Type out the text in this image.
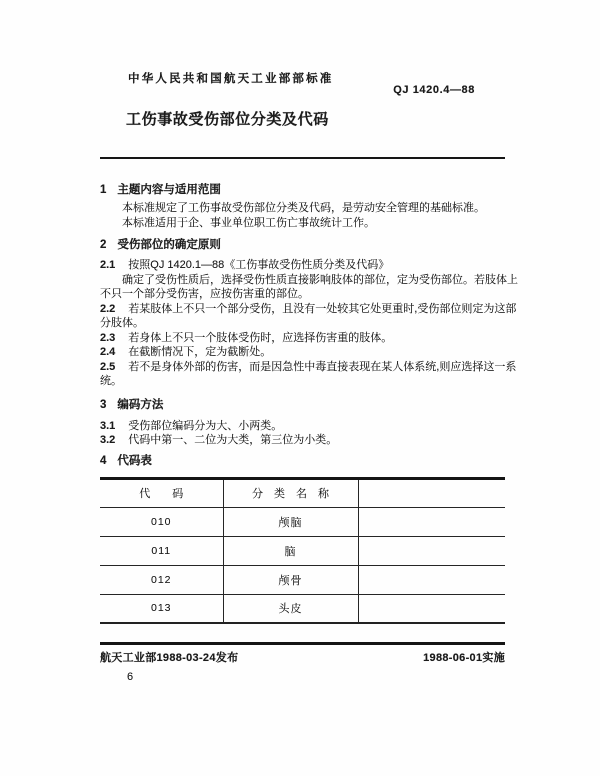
中华人民共和国航天工业部部标准
QJ 1420.4—88
工伤事故受伤部位分类及代码
1 主题内容与适用范围
本标准规定了工伤事故受伤部位分类及代码，是劳动安全管理的基础标准。
本标准适用于企、事业单位职工伤亡事故统计工作。
2 受伤部位的确定原则
2.1 按照QJ 1420.1—88《工伤事故受伤性质分类及代码》
确定了受伤性质后，选择受伤性质直接影响肢体的部位，定为受伤部位。若肢体上
不只一个部分受伤害，应按伤害重的部位。
2.2 若某肢体上不只一个部分受伤，且没有一处较其它处更重时,受伤部位则定为这部
分肢体。
2.3 若身体上不只一个肢体受伤时，应选择伤害重的肢体。
2.4 在截断情况下，定为截断处。
2.5 若不是身体外部的伤害，而是因急性中毒直接表现在某人体系统,则应选择这一系
统。
3 编码方法
3.1 受伤部位编码分为大、小两类。
3.2 代码中第一、二位为大类，第三位为小类。
4 代码表
代　　码	分　类　名　称	
010	颅脑	
011	脑	
012	颅骨	
013	头皮	
航天工业部1988-03-24发布	1988-06-01实施
6
